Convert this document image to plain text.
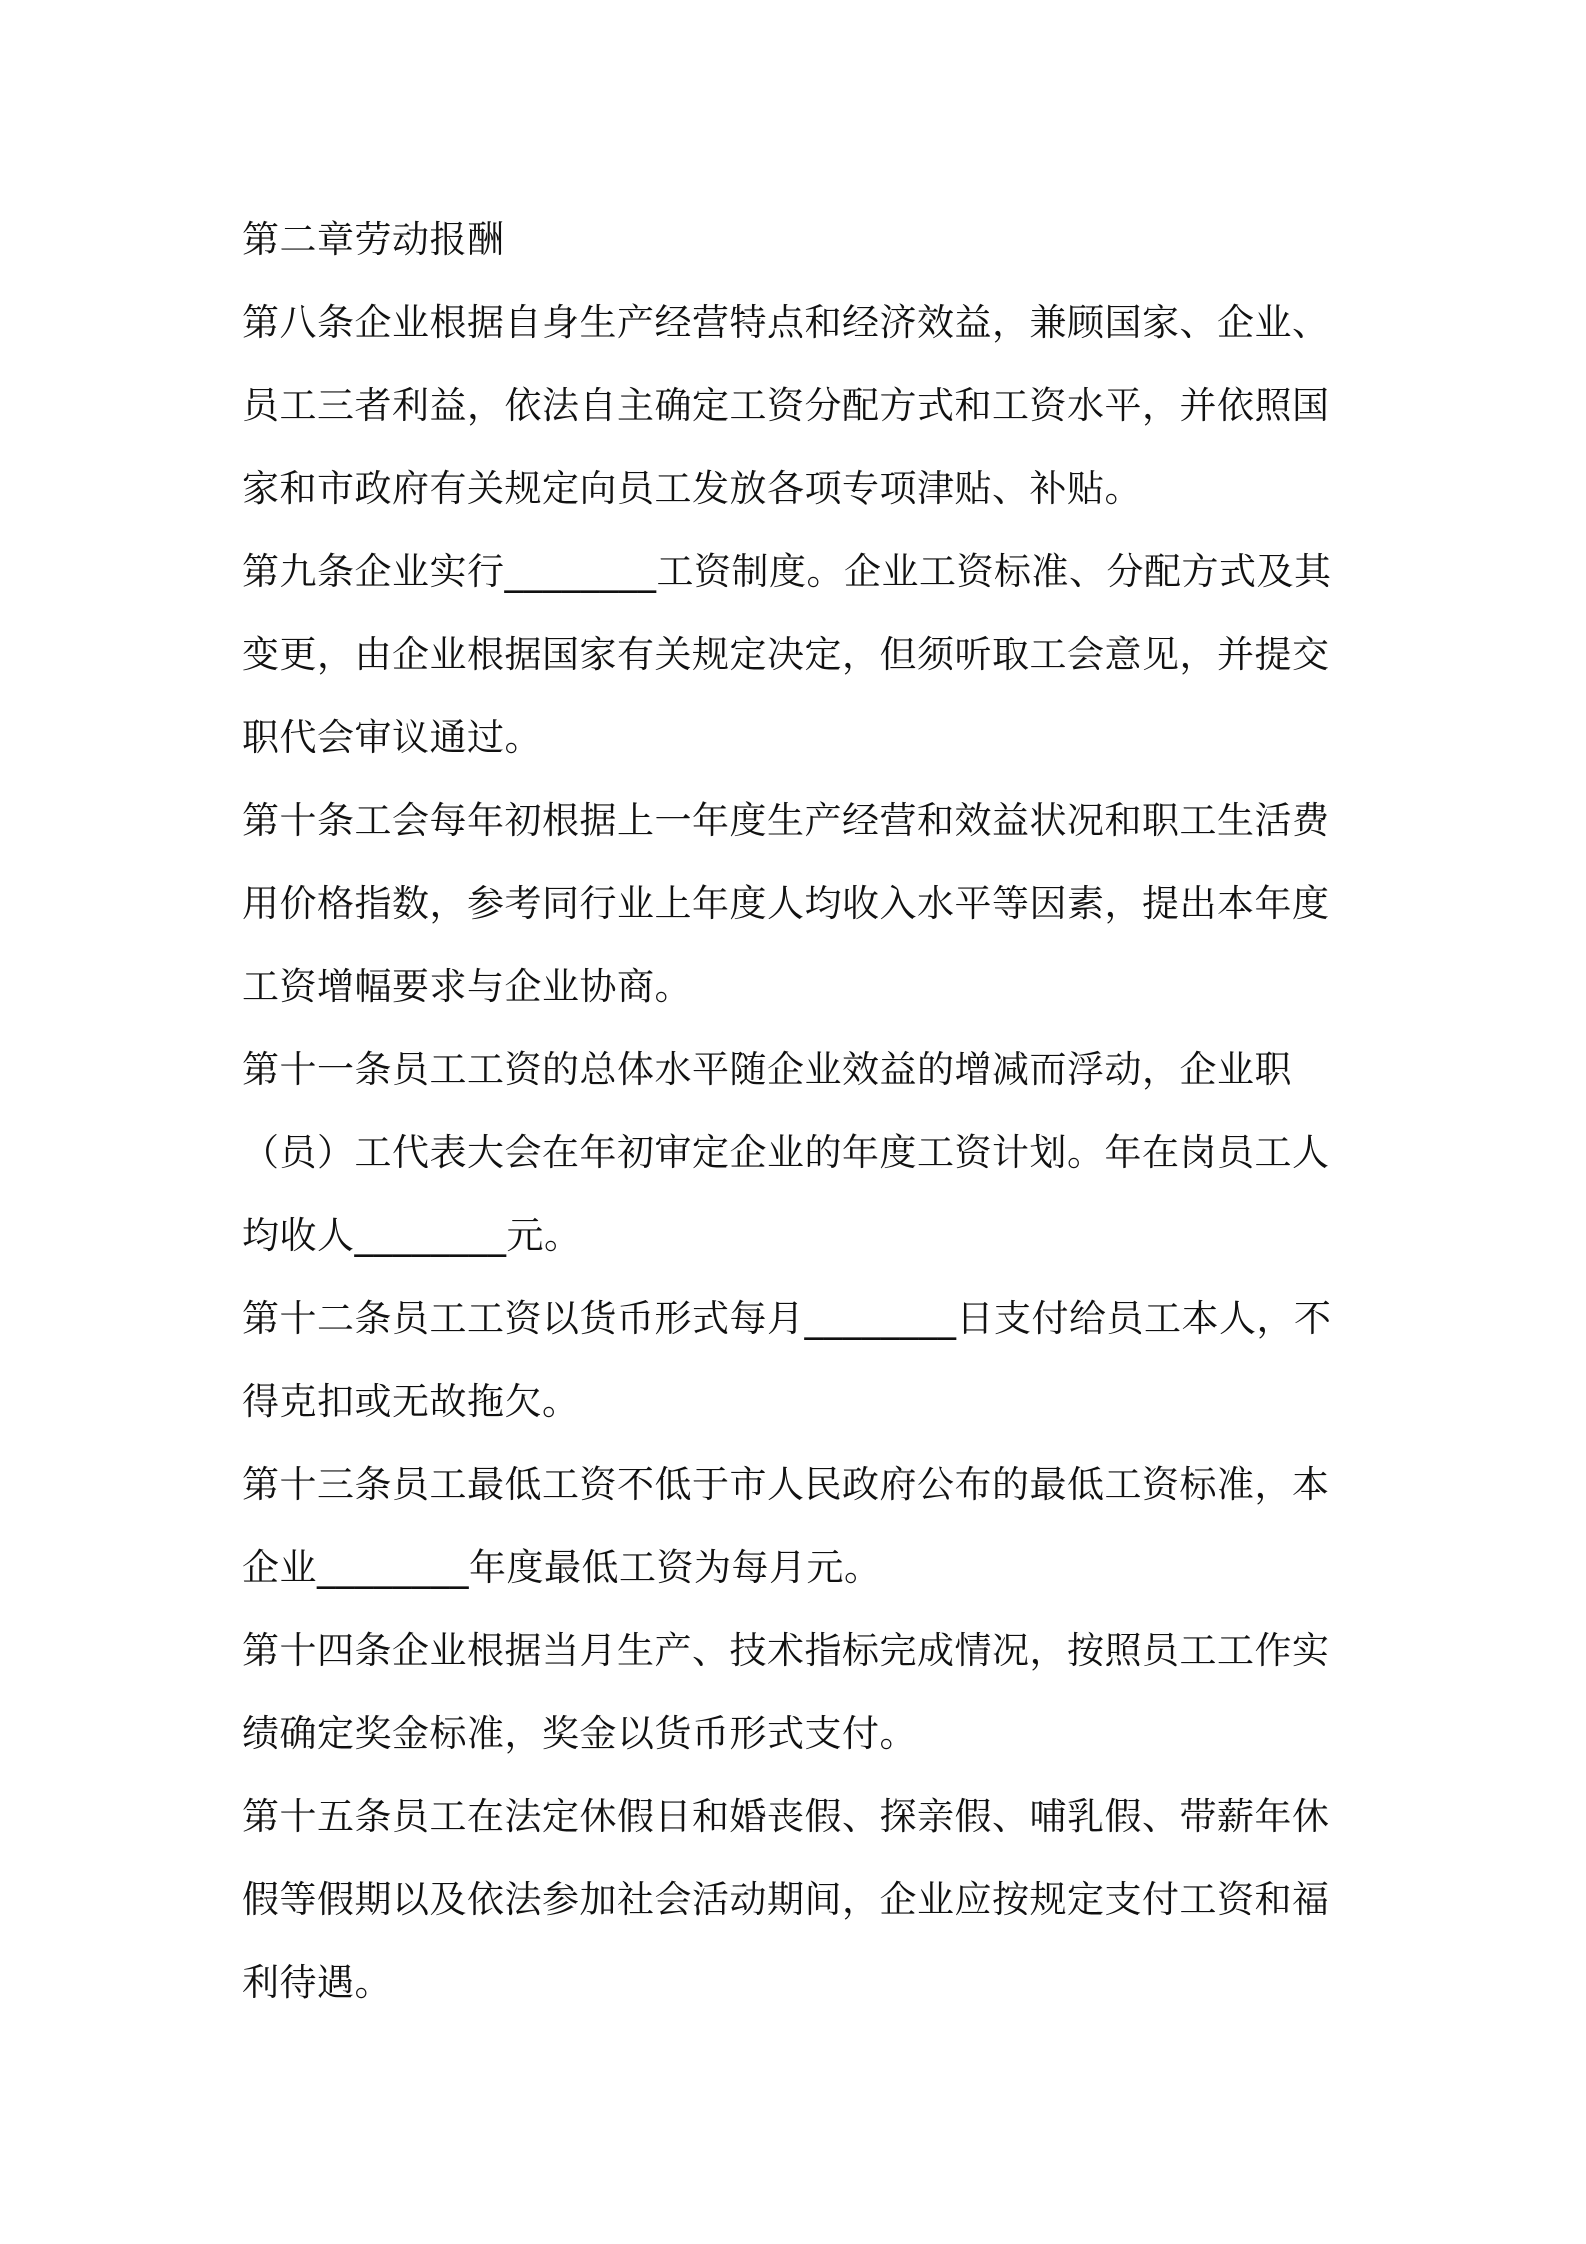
第二章劳动报酬

第八条企业根据自身生产经营特点和经济效益，兼顾国家、企业、员工三者利益，依法自主确定工资分配方式和工资水平，并依照国家和市政府有关规定向员工发放各项专项津贴、补贴。

第九条企业实行________工资制度。企业工资标准、分配方式及其变更，由企业根据国家有关规定决定，但须听取工会意见，并提交职代会审议通过。

第十条工会每年初根据上一年度生产经营和效益状况和职工生活费用价格指数，参考同行业上年度人均收入水平等因素，提出本年度工资增幅要求与企业协商。

第十一条员工工资的总体水平随企业效益的增减而浮动，企业职（员）工代表大会在年初审定企业的年度工资计划。年在岗员工人均收人________元。

第十二条员工工资以货币形式每月________日支付给员工本人，不得克扣或无故拖欠。

第十三条员工最低工资不低于市人民政府公布的最低工资标准，本企业________年度最低工资为每月元。

第十四条企业根据当月生产、技术指标完成情况，按照员工工作实绩确定奖金标准，奖金以货币形式支付。

第十五条员工在法定休假日和婚丧假、探亲假、哺乳假、带薪年休假等假期以及依法参加社会活动期间，企业应按规定支付工资和福利待遇。
